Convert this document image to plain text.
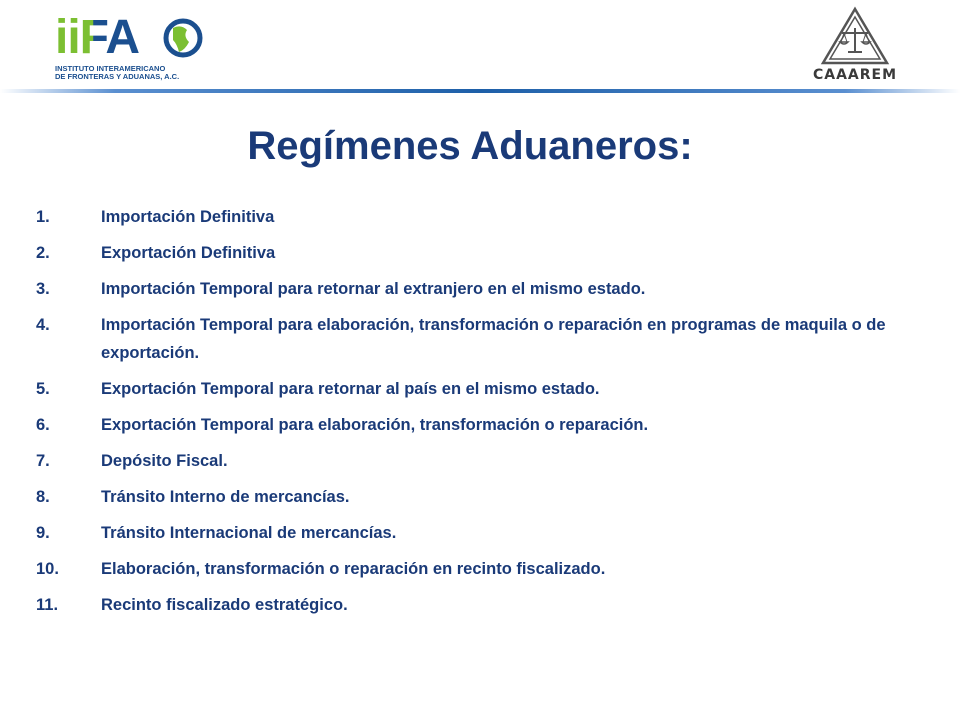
iiFA
INSTITUTO INTERAMERICANO
DE FRONTERAS Y ADUANAS, A.C.	CAAAREM
Regímenes Aduaneros:
1.	Importación Definitiva
2.	Exportación Definitiva
3.	Importación Temporal para retornar al extranjero en el mismo estado.
4.	Importación Temporal para elaboración, transformación o reparación en programas de maquila o de exportación.
5.	Exportación Temporal para retornar al país en el mismo estado.
6.	Exportación Temporal para elaboración, transformación o reparación.
7.	Depósito Fiscal.
8.	Tránsito Interno de mercancías.
9.	Tránsito Internacional de mercancías.
10.	Elaboración, transformación o reparación en recinto fiscalizado.
11.	Recinto fiscalizado estratégico.
